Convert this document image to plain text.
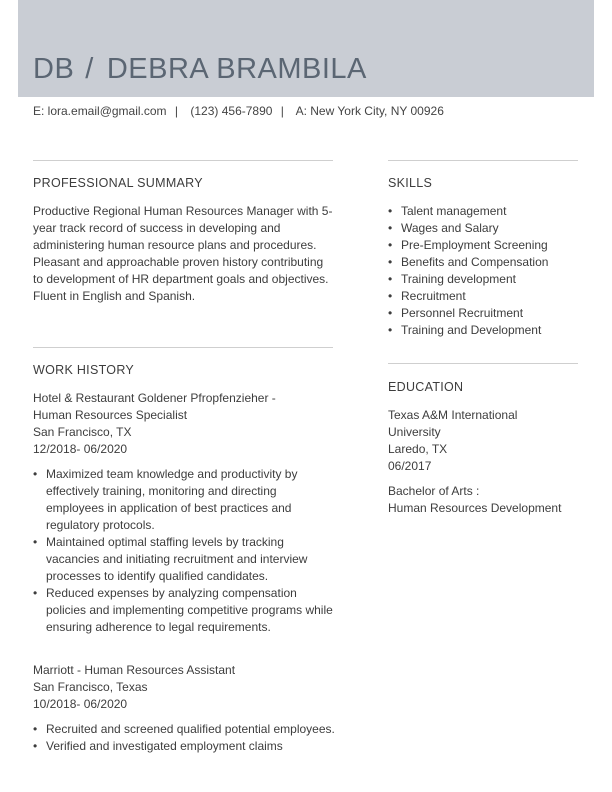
DB / DEBRA BRAMBILA
E: lora.email@gmail.com | (123) 456-7890 | A: New York City, NY 00926
PROFESSIONAL SUMMARY

Productive Regional Human Resources Manager with 5-year track record of success in developing and administering human resource plans and procedures. Pleasant and approachable proven history contributing to development of HR department goals and objectives. Fluent in English and Spanish.

WORK HISTORY
Hotel & Restaurant Goldener Pfropfenzieher -
Human Resources Specialist
San Francisco, TX
12/2018- 06/2020
• Maximized team knowledge and productivity by effectively training, monitoring and directing employees in application of best practices and regulatory protocols.
• Maintained optimal staffing levels by tracking vacancies and initiating recruitment and interview processes to identify qualified candidates.
• Reduced expenses by analyzing compensation policies and implementing competitive programs while ensuring adherence to legal requirements.
Marriott - Human Resources Assistant
San Francisco, Texas
10/2018- 06/2020
• Recruited and screened qualified potential employees.
• Verified and investigated employment claims
SKILLS
• Talent management
• Wages and Salary
• Pre-Employment Screening
• Benefits and Compensation
• Training development
• Recruitment
• Personnel Recruitment
• Training and Development
EDUCATION
Texas A&M International
University
Laredo, TX
06/2017
Bachelor of Arts :
Human Resources Development
